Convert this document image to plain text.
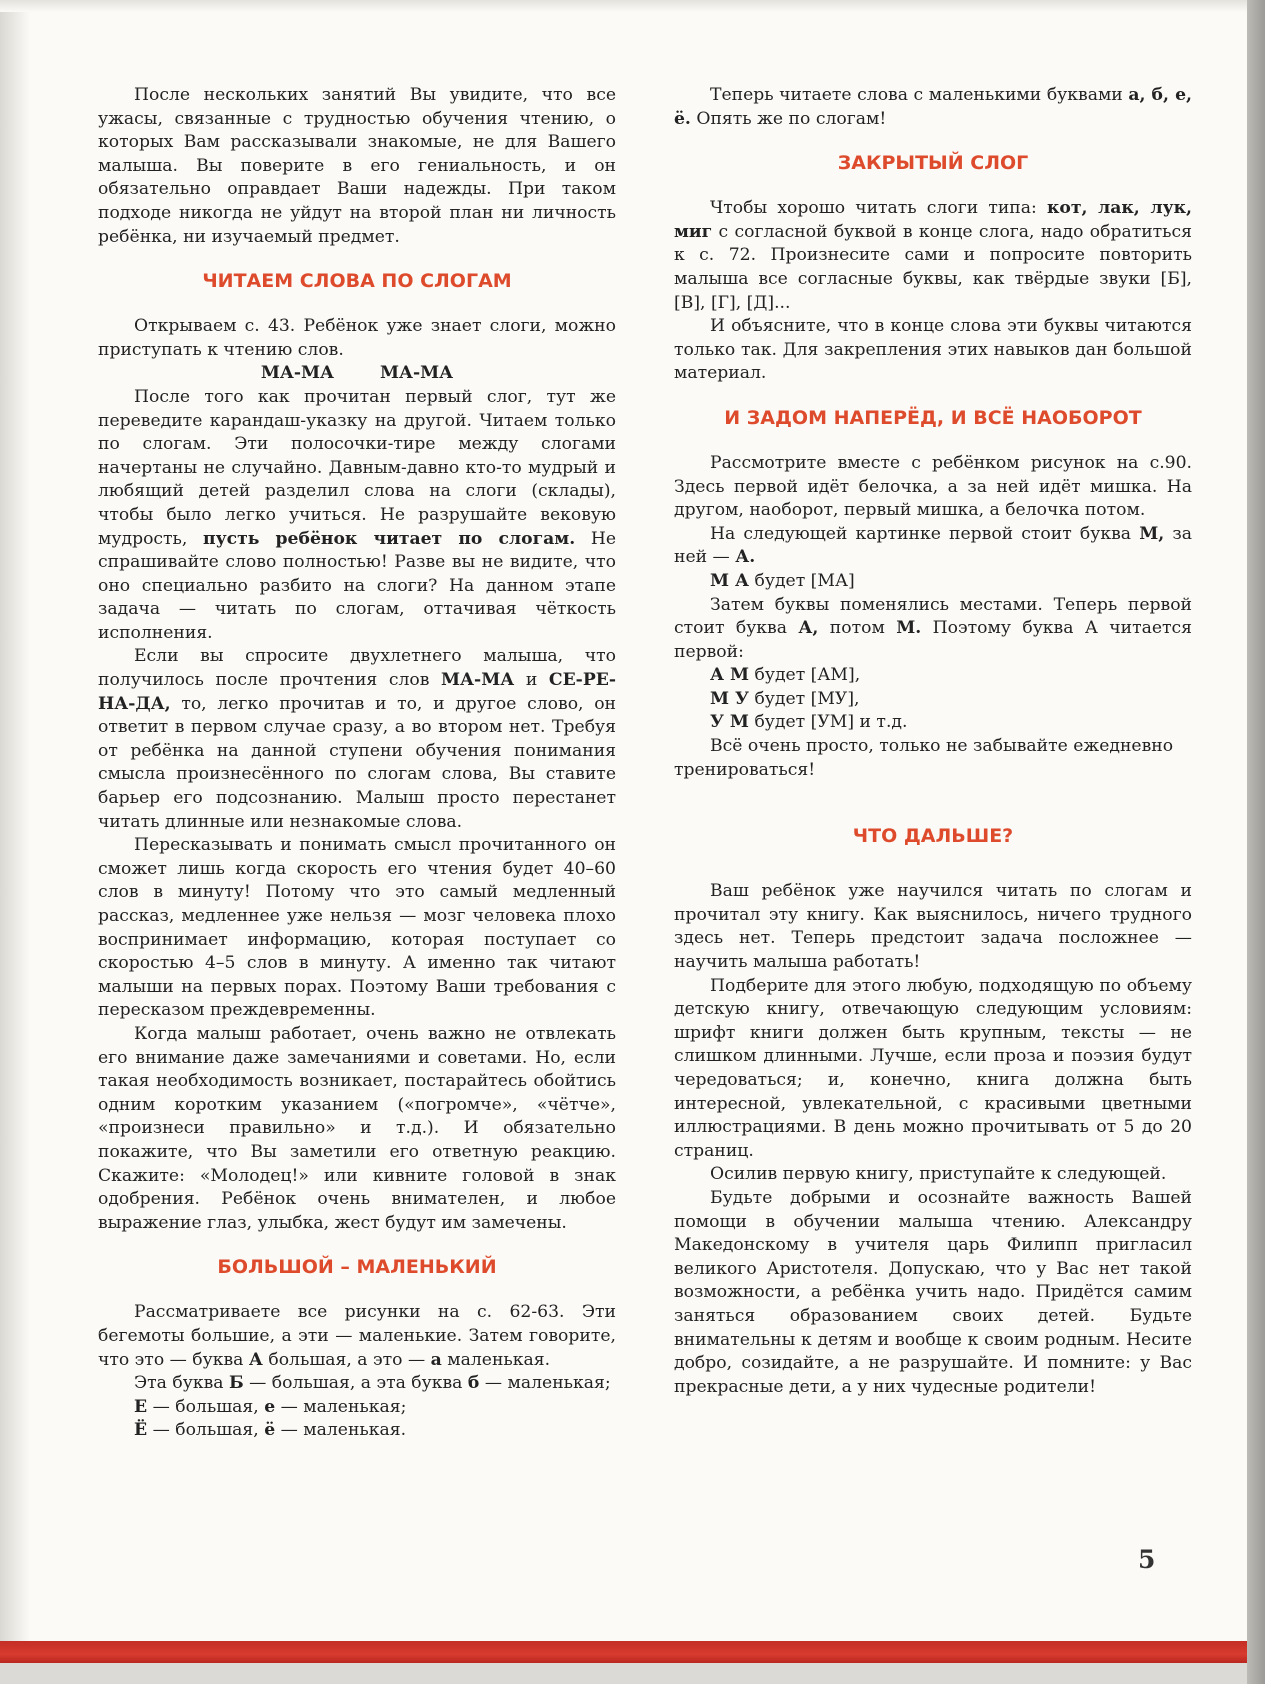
После нескольких занятий Вы увидите, что все ужасы, связанные с трудностью обучения чтению, о которых Вам рассказывали знакомые, не для Вашего малыша. Вы поверите в его гениальность, и он обязательно оправдает Ваши надежды. При таком подходе никогда не уйдут на второй план ни личность ребёнка, ни изучаемый предмет.

ЧИТАЕМ СЛОВА ПО СЛОГАМ

Открываем с. 43. Ребёнок уже знает слоги, можно приступать к чтению слов.

МА-МА МА-МА

После того как прочитан первый слог, тут же переведите карандаш-указку на другой. Читаем только по слогам. Эти полосочки-тире между слогами начертаны не случайно. Давным-давно кто-то мудрый и любящий детей разделил слова на слоги (склады), чтобы было легко учиться. Не разрушайте вековую мудрость, пусть ребёнок читает по слогам. Не спрашивайте слово полностью! Разве вы не видите, что оно специально разбито на слоги? На данном этапе задача — читать по слогам, оттачивая чёткость исполнения.

Если вы спросите двухлетнего малыша, что получилось после прочтения слов МА-МА и СЕ-РЕ-НА-ДА, то, легко прочитав и то, и другое слово, он ответит в первом случае сразу, а во втором нет. Требуя от ребёнка на данной ступени обучения понимания смысла произнесённого по слогам слова, Вы ставите барьер его подсознанию. Малыш просто перестанет читать длинные или незнакомые слова.

Пересказывать и понимать смысл прочитанного он сможет лишь когда скорость его чтения будет 40–60 слов в минуту! Потому что это самый медленный рассказ, медленнее уже нельзя — мозг человека плохо воспринимает информацию, которая поступает со скоростью 4–5 слов в минуту. А именно так читают малыши на первых порах. Поэтому Ваши требования с пересказом преждевременны.

Когда малыш работает, очень важно не отвлекать его внимание даже замечаниями и советами. Но, если такая необходимость возникает, постарайтесь обойтись одним коротким указанием («погромче», «чётче», «произнеси правильно» и т.д.). И обязательно покажите, что Вы заметили его ответную реакцию. Скажите: «Молодец!» или кивните головой в знак одобрения. Ребёнок очень внимателен, и любое выражение глаз, улыбка, жест будут им замечены.

БОЛЬШОЙ – МАЛЕНЬКИЙ

Рассматриваете все рисунки на с. 62-63. Эти бегемоты большие, а эти — маленькие. Затем говорите, что это — буква А большая, а это — а маленькая.

Эта буква Б — большая, а эта буква б — маленькая;

Е — большая, е — маленькая;

Ё — большая, ё — маленькая.

Теперь читаете слова с маленькими буквами а, б, е, ё. Опять же по слогам!

ЗАКРЫТЫЙ СЛОГ

Чтобы хорошо читать слоги типа: кот, лак, лук, миг с согласной буквой в конце слога, надо обратиться к с. 72. Произнесите сами и попросите повторить малыша все согласные буквы, как твёрдые звуки [Б], [В], [Г], [Д]...

И объясните, что в конце слова эти буквы читаются только так. Для закрепления этих навыков дан большой материал.

И ЗАДОМ НАПЕРЁД, И ВСЁ НАОБОРОТ

Рассмотрите вместе с ребёнком рисунок на с.90. Здесь первой идёт белочка, а за ней идёт мишка. На другом, наоборот, первый мишка, а белочка потом.

На следующей картинке первой стоит буква М, за ней — А.

М А будет [МА]

Затем буквы поменялись местами. Теперь первой стоит буква А, потом М. Поэтому буква А читается первой:

А М будет [АМ],

М У будет [МУ],

У М будет [УМ] и т.д.

Всё очень просто, только не забывайте ежедневно тренироваться!

ЧТО ДАЛЬШЕ?

Ваш ребёнок уже научился читать по слогам и прочитал эту книгу. Как выяснилось, ничего трудного здесь нет. Теперь предстоит задача посложнее — научить малыша работать!

Подберите для этого любую, подходящую по объему детскую книгу, отвечающую следующим условиям: шрифт книги должен быть крупным, тексты — не слишком длинными. Лучше, если проза и поэзия будут чередоваться; и, конечно, книга должна быть интересной, увлекательной, с красивыми цветными иллюстрациями. В день можно прочитывать от 5 до 20 страниц.

Осилив первую книгу, приступайте к следующей.

Будьте добрыми и осознайте важность Вашей помощи в обучении малыша чтению. Александру Македонскому в учителя царь Филипп пригласил великого Аристотеля. Допускаю, что у Вас нет такой возможности, а ребёнка учить надо. Придётся самим заняться образованием своих детей. Будьте внимательны к детям и вообще к своим родным. Несите добро, созидайте, а не разрушайте. И помните: у Вас прекрасные дети, а у них чудесные родители!

5
